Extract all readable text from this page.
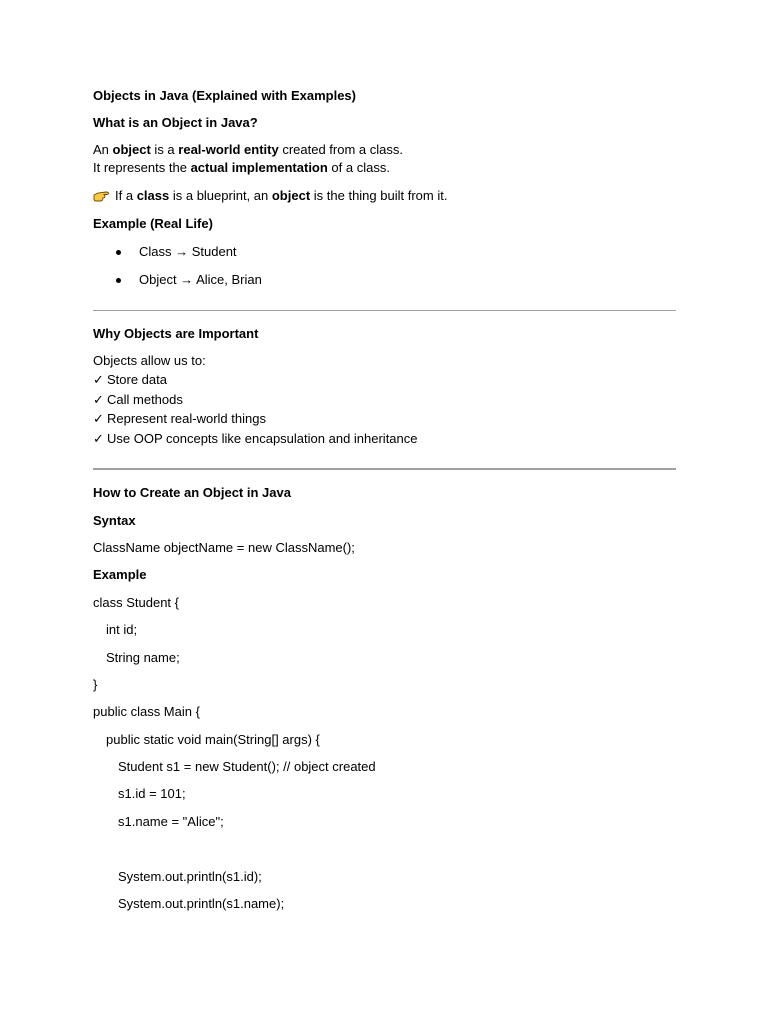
Objects in Java (Explained with Examples)
What is an Object in Java?
An object is a real-world entity created from a class.
It represents the actual implementation of a class.
If a class is a blueprint, an object is the thing built from it.
Example (Real Life)
Class → Student
Object → Alice, Brian
Why Objects are Important
Objects allow us to:
✓ Store data
✓ Call methods
✓ Represent real-world things
✓ Use OOP concepts like encapsulation and inheritance
How to Create an Object in Java
Syntax
ClassName objectName = new ClassName();
Example
class Student {
int id;
String name;
}
public class Main {
public static void main(String[] args) {
Student s1 = new Student(); // object created
s1.id = 101;
s1.name = "Alice";
System.out.println(s1.id);
System.out.println(s1.name);
